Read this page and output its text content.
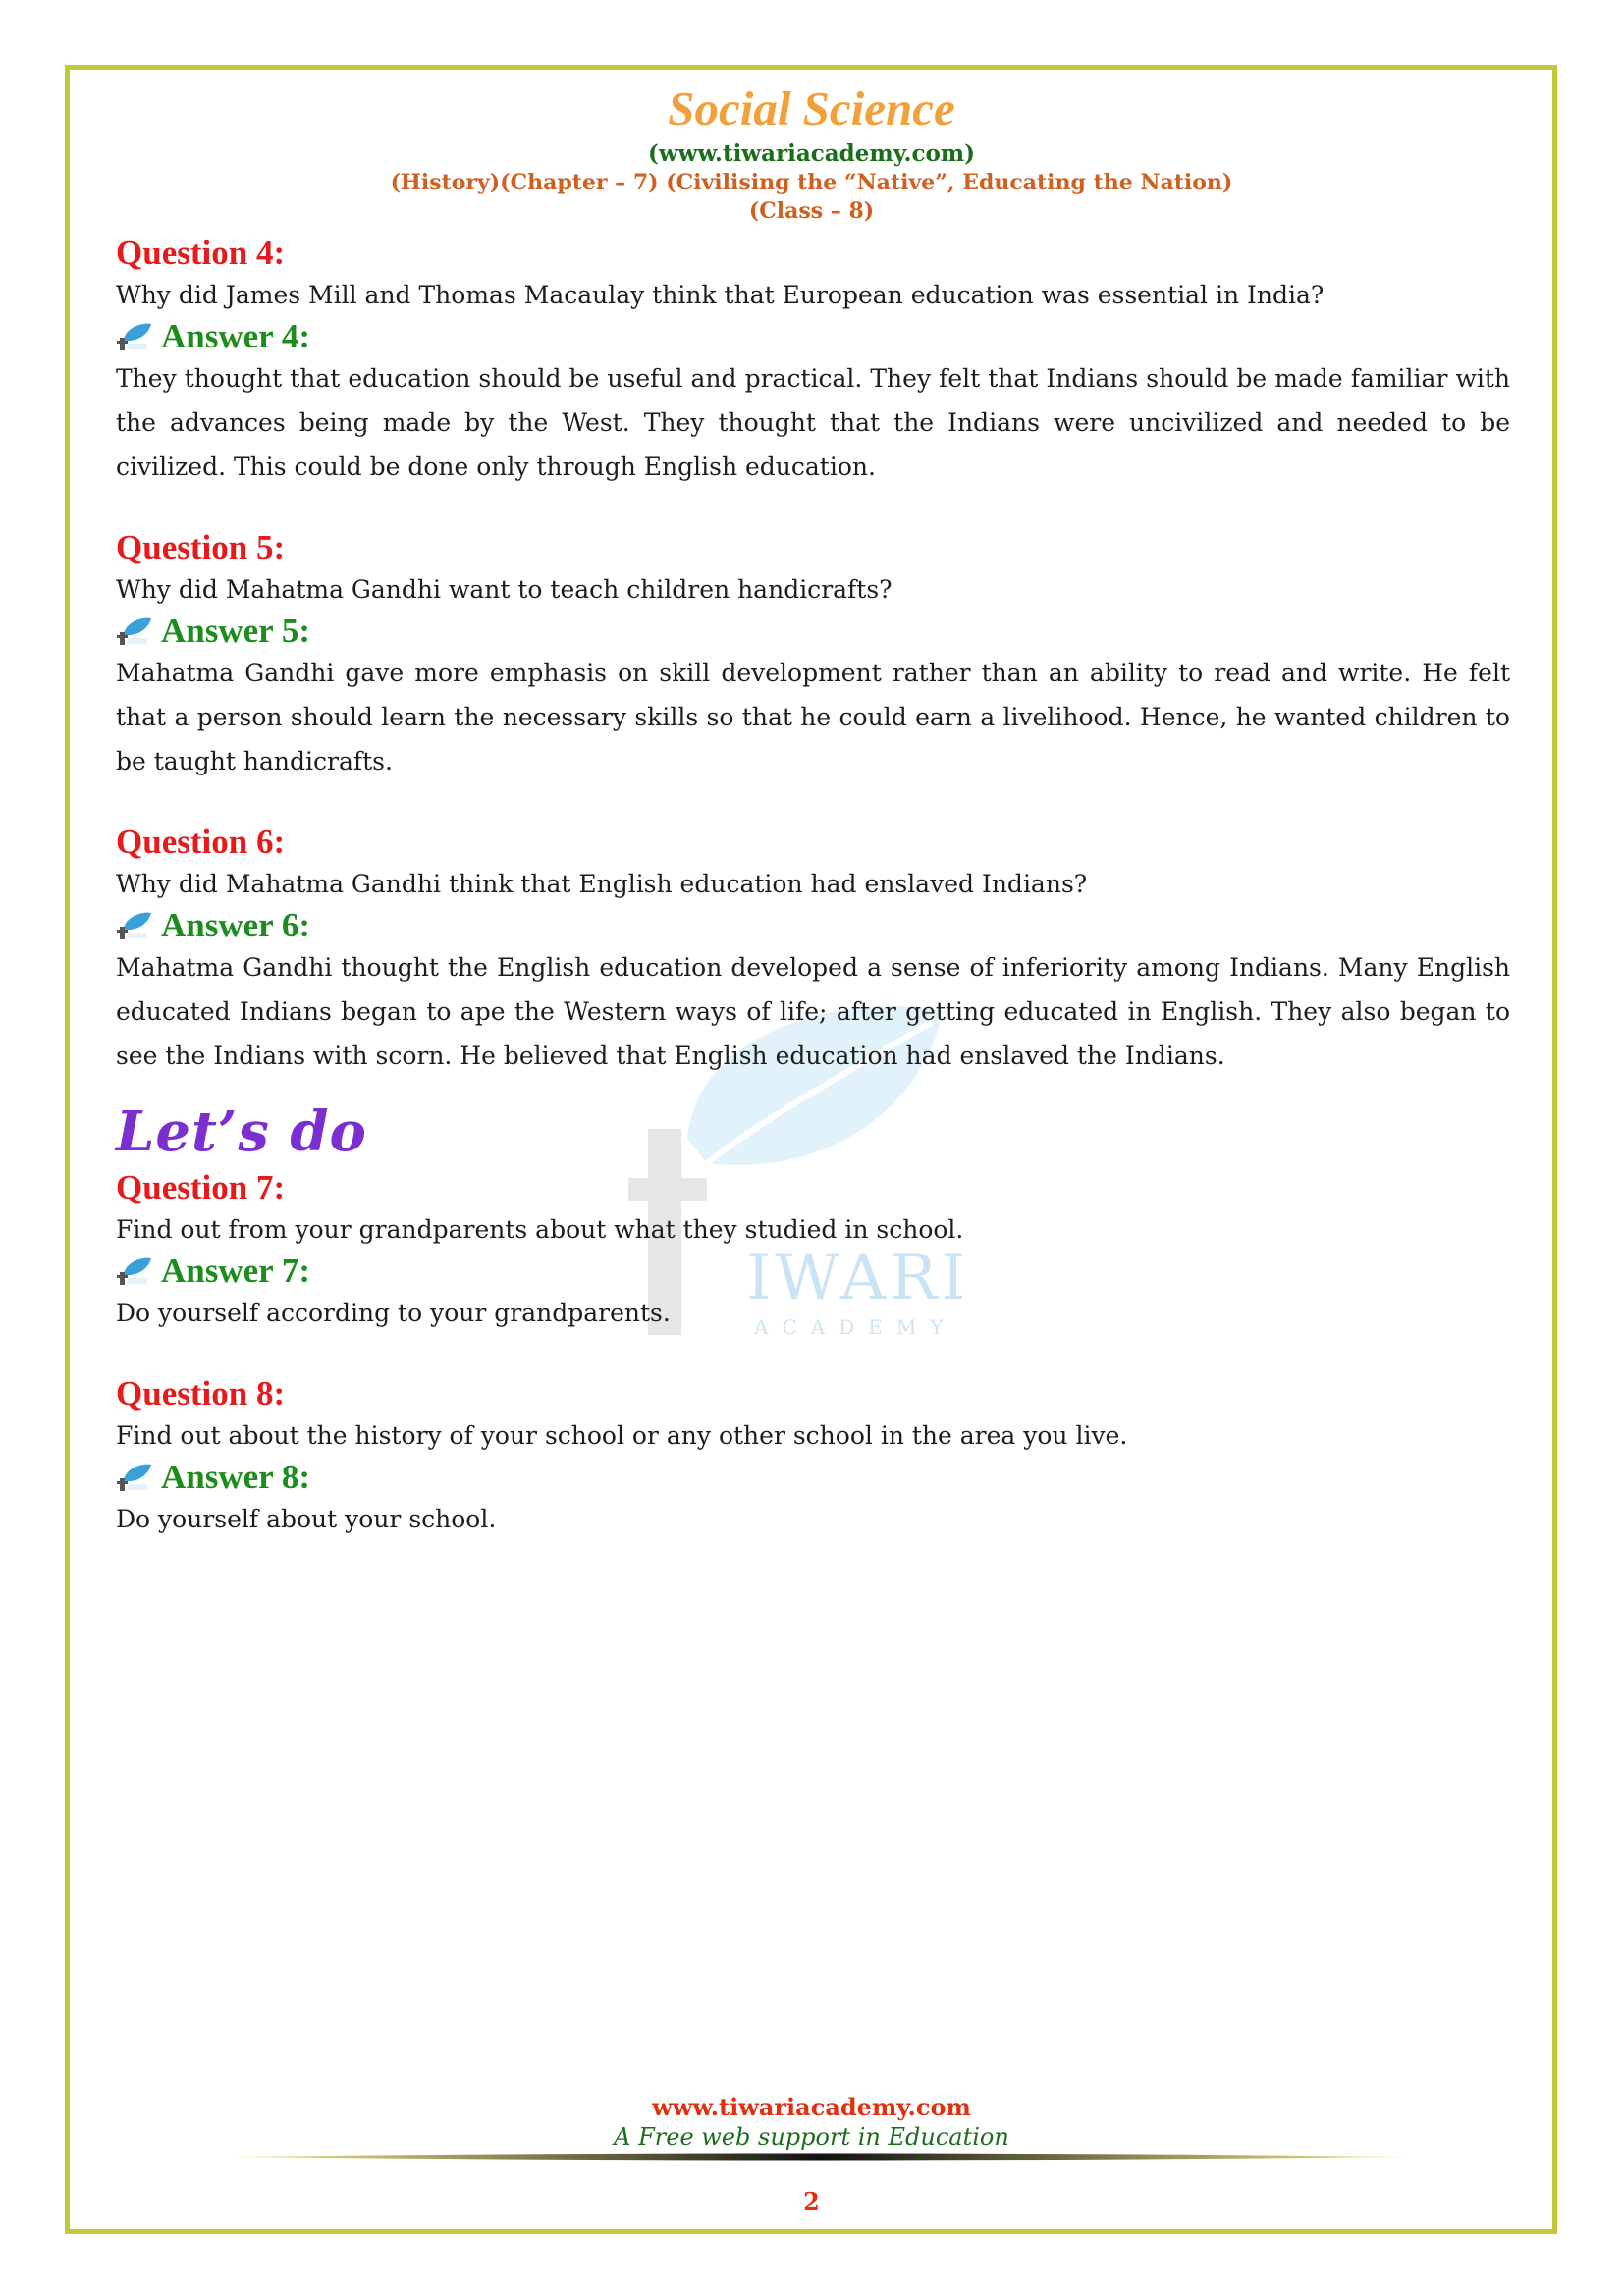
IWARI
ACADEMY
Social Science
(www.tiwariacademy.com)
(History)(Chapter – 7) (Civilising the “Native”, Educating the Nation)
(Class – 8)
Question 4:
Why did James Mill and Thomas Macaulay think that European education was essential in India?
Answer 4:
They thought that education should be useful and practical. They felt that Indians should be made familiar with the advances being made by the West. They thought that the Indians were uncivilized and needed to be civilized. This could be done only through English education.
Question 5:
Why did Mahatma Gandhi want to teach children handicrafts?
Answer 5:
Mahatma Gandhi gave more emphasis on skill development rather than an ability to read and write. He felt that a person should learn the necessary skills so that he could earn a livelihood. Hence, he wanted children to be taught handicrafts.
Question 6:
Why did Mahatma Gandhi think that English education had enslaved Indians?
Answer 6:
Mahatma Gandhi thought the English education developed a sense of inferiority among Indians. Many English educated Indians began to ape the Western ways of life; after getting educated in English. They also began to see the Indians with scorn. He believed that English education had enslaved the Indians.
Let’s do
Question 7:
Find out from your grandparents about what they studied in school.
Answer 7:
Do yourself according to your grandparents.
Question 8:
Find out about the history of your school or any other school in the area you live.
Answer 8:
Do yourself about your school.
www.tiwariacademy.com
A Free web support in Education
2
